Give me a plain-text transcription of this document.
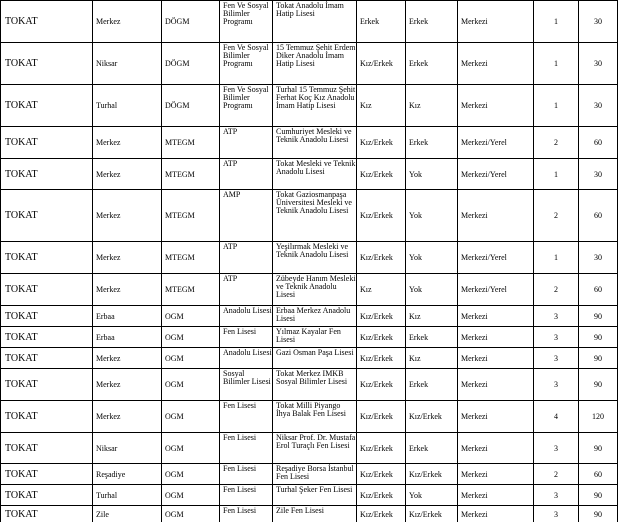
TOKAT	Merkez	DÖGM	Fen Ve Sosyal Bilimler Programı	Tokat Anadolu İmam Hatip Lisesi	Erkek	Erkek	Merkezi	1	30
TOKAT	Niksar	DÖGM	Fen Ve Sosyal Bilimler Programı	15 Temmuz Şehit Erdem Diker Anadolu İmam Hatip Lisesi	Kız/Erkek	Erkek	Merkezi	1	30
TOKAT	Turhal	DÖGM	Fen Ve Sosyal Bilimler Programı	Turhal 15 Temmuz Şehit Ferhat Koç Kız Anadolu İmam Hatip Lisesi	Kız	Kız	Merkezi	1	30
TOKAT	Merkez	MTEGM	ATP	Cumhuriyet Mesleki ve Teknik Anadolu Lisesi	Kız/Erkek	Erkek	Merkezi/Yerel	2	60
TOKAT	Merkez	MTEGM	ATP	Tokat Mesleki ve Teknik Anadolu Lisesi	Kız/Erkek	Yok	Merkezi/Yerel	1	30
TOKAT	Merkez	MTEGM	AMP	Tokat Gaziosmanpaşa Üniversitesi Mesleki ve Teknik Anadolu Lisesi	Kız/Erkek	Yok	Merkezi	2	60
TOKAT	Merkez	MTEGM	ATP	Yeşilırmak Mesleki ve Teknik Anadolu Lisesi	Kız/Erkek	Yok	Merkezi/Yerel	1	30
TOKAT	Merkez	MTEGM	ATP	Zübeyde Hanım Mesleki ve Teknik Anadolu Lisesi	Kız	Yok	Merkezi/Yerel	2	60
TOKAT	Erbaa	OGM	Anadolu Lisesi	Erbaa Merkez Anadolu Lisesi	Kız/Erkek	Kız	Merkezi	3	90
TOKAT	Erbaa	OGM	Fen Lisesi	Yılmaz Kayalar Fen Lisesi	Kız/Erkek	Erkek	Merkezi	3	90
TOKAT	Merkez	OGM	Anadolu Lisesi	Gazi Osman Paşa Lisesi	Kız/Erkek	Kız	Merkezi	3	90
TOKAT	Merkez	OGM	Sosyal Bilimler Lisesi	Tokat Merkez IMKB Sosyal Bilimler Lisesi	Kız/Erkek	Erkek	Merkezi	3	90
TOKAT	Merkez	OGM	Fen Lisesi	Tokat Milli Piyango İhya Balak Fen Lisesi	Kız/Erkek	Kız/Erkek	Merkezi	4	120
TOKAT	Niksar	OGM	Fen Lisesi	Niksar Prof. Dr. Mustafa Erol Turaçlı Fen Lisesi	Kız/Erkek	Erkek	Merkezi	3	90
TOKAT	Reşadiye	OGM	Fen Lisesi	Reşadiye Borsa İstanbul Fen Lisesi	Kız/Erkek	Kız/Erkek	Merkezi	2	60
TOKAT	Turhal	OGM	Fen Lisesi	Turhal Şeker Fen Lisesi	Kız/Erkek	Yok	Merkezi	3	90
TOKAT	Zile	OGM	Fen Lisesi	Zile Fen Lisesi	Kız/Erkek	Kız/Erkek	Merkezi	3	90
